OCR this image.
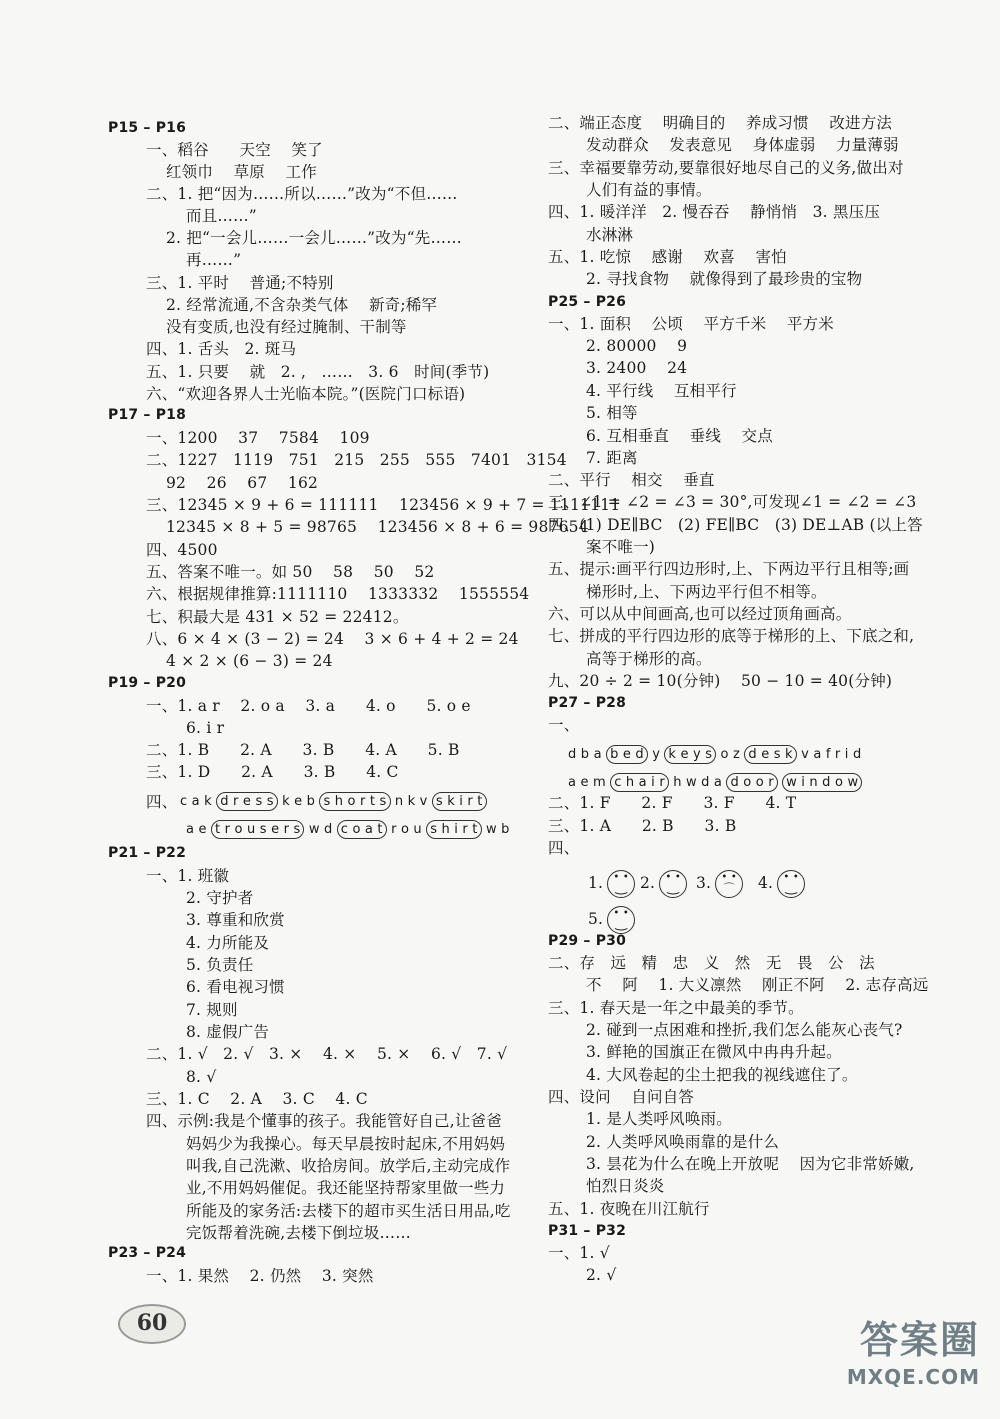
P15 – P16
一、稻谷      天空    笑了
红领巾    草原    工作
二、1. 把“因为……所以……”改为“不但……
而且……”
2. 把“一会儿……一会儿……”改为“先……
再……”
三、1. 平时    普通;不特别
2. 经常流通,不含杂类气体    新奇;稀罕
没有变质,也没有经过腌制、干制等
四、1. 舌头   2. 斑马
五、1. 只要    就   2. ,   ……   3. 6   时间(季节)
六、“欢迎各界人士光临本院。”(医院门口标语)
P17 – P18
一、1200    37    7584    109
二、1227   1119   751   215   255   555   7401   3154
92    26    67    162
三、12345 × 9 + 6 = 111111    123456 × 9 + 7 = 1111111
12345 × 8 + 5 = 98765    123456 × 8 + 6 = 987654
四、4500
五、答案不唯一。如 50    58    50    52
六、根据规律推算:1111110    1333332    1555554
七、积最大是 431 × 52 = 22412。
八、6 × 4 × (3 − 2) = 24    3 × 6 + 4 + 2 = 24
4 × 2 × (6 − 3) = 24
P19 – P20
一、1. a r    2. o a    3. a      4. o      5. o e
6. i r
二、1. B      2. A      3. B      4. A      5. B
三、1. D      2. A      3. B      4. C
P21 – P22
一、1. 班徽
2. 守护者
3. 尊重和欣赏
4. 力所能及
5. 负责任
6. 看电视习惯
7. 规则
8. 虚假广告
二、1. √   2. √   3. ×    4. ×    5. ×    6. √   7. √
8. √
三、1. C    2. A    3. C    4. C
四、示例:我是个懂事的孩子。我能管好自己,让爸爸
妈妈少为我操心。每天早晨按时起床,不用妈妈
叫我,自己洗漱、收拾房间。放学后,主动完成作
业,不用妈妈催促。我还能坚持帮家里做一些力
所能及的家务活:去楼下的超市买生活日用品,吃
完饭帮着洗碗,去楼下倒垃圾……
P23 – P24
一、1. 果然    2. 仍然    3. 突然
四、 c a k d r e s s k e b s h o r t s n k v s k i r t
a e t r o u s e r s w d c o a t r o u s h i r t w b
二、端正态度    明确目的    养成习惯    改进方法
发动群众    发表意见    身体虚弱    力量薄弱
三、幸福要靠劳动,要靠很好地尽自己的义务,做出对
人们有益的事情。
四、1. 暖洋洋   2. 慢吞吞    静悄悄   3. 黑压压
水淋淋
五、1. 吃惊    感谢    欢喜    害怕
2. 寻找食物    就像得到了最珍贵的宝物
P25 – P26
一、1. 面积    公顷    平方千米    平方米
2. 80000    9
3. 2400    24
4. 平行线    互相平行
5. 相等
6. 互相垂直    垂线    交点
7. 距离
二、平行    相交    垂直
三、∠1 = ∠2 = ∠3 = 30°,可发现∠1 = ∠2 = ∠3
四、(1) DE∥BC   (2) FE∥BC   (3) DE⊥AB (以上答
案不唯一)
五、提示:画平行四边形时,上、下两边平行且相等;画
梯形时,上、下两边平行但不相等。
六、可以从中间画高,也可以经过顶角画高。
七、拼成的平行四边形的底等于梯形的上、下底之和,
高等于梯形的高。
九、20 ÷ 2 = 10(分钟)    50 − 10 = 40(分钟)
P27 – P28
一、
二、1. F      2. F      3. F      4. T
三、1. A      2. B      3. B
四、
P29 – P30
二、存   远   精   忠   义   然   无   畏   公   法
不    阿    1. 大义凛然    刚正不阿    2. 志存高远
三、1. 春天是一年之中最美的季节。
2. 碰到一点困难和挫折,我们怎么能灰心丧气?
3. 鲜艳的国旗正在微风中冉冉升起。
4. 大风卷起的尘土把我的视线遮住了。
四、设问    自问自答
1. 是人类呼风唤雨。
2. 人类呼风唤雨靠的是什么
3. 昙花为什么在晚上开放呢    因为它非常娇嫩,
怕烈日炎炎
五、1. 夜晚在川江航行
P31 – P32
一、1. √
2. √
d b a b e d y k e y s o z d e s k v a f r i d
a e m c h a i r h w d a d o o r w i n d o w
1. • •  ‿	2. • •  ‿	3. • •  ⌒	4.• •  ‿
5.• •  ‿
60	答案圈
MXQE.COM
